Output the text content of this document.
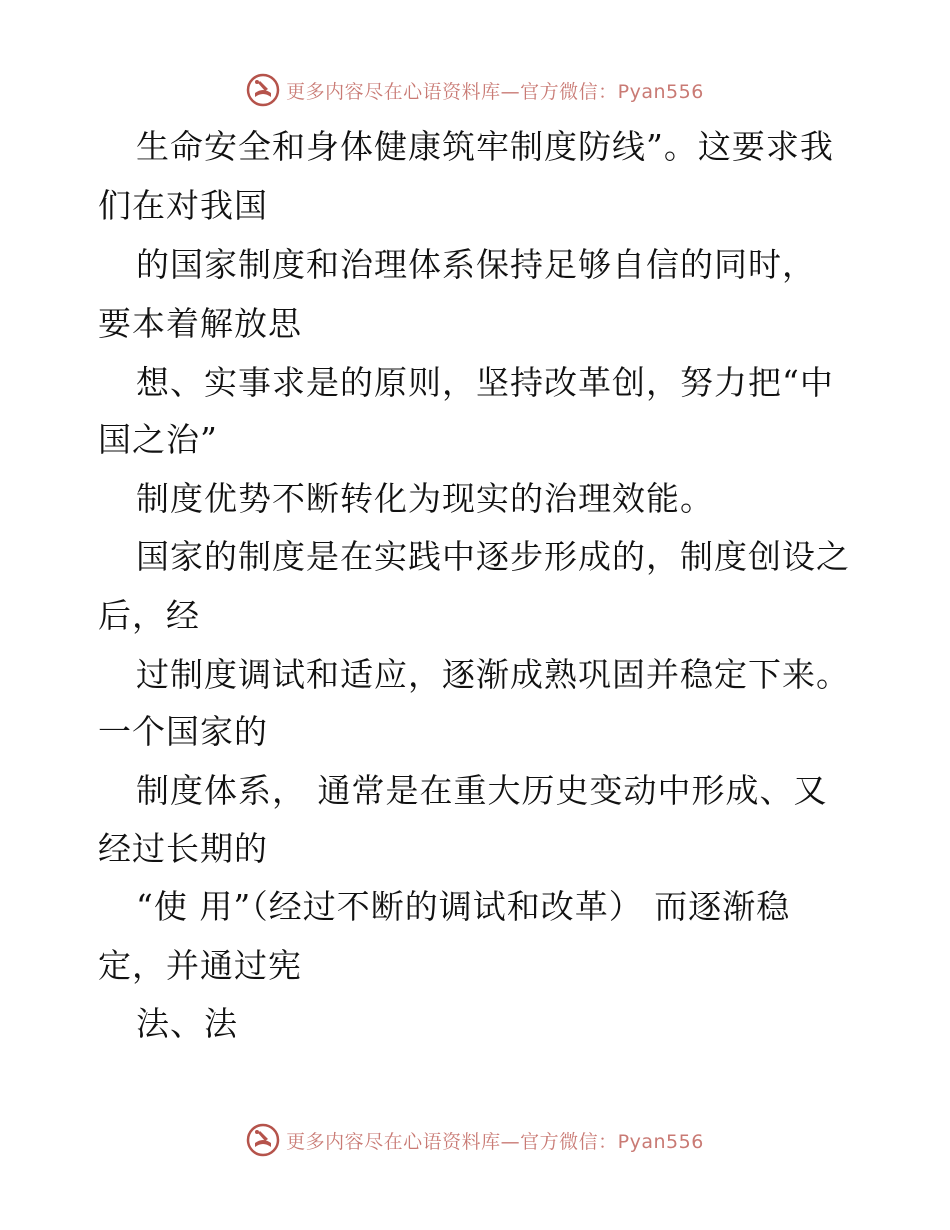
更多内容尽在心语资料库—官方微信：Pyan556
生命安全和身体健康筑牢制度防线”。这要求我
们在对我国
的国家制度和治理体系保持足够自信的同时，
要本着解放思
想、实事求是的原则，坚持改革创，努力把“中
国之治”
制度优势不断转化为现实的治理效能。
国家的制度是在实践中逐步形成的，制度创设之
后，经
过制度调试和适应，逐渐成熟巩固并稳定下来。
一个国家的
制度体系， 通常是在重大历史变动中形成、又
经过长期的
“使 用”（经过不断的调试和改革） 而逐渐稳
定，并通过宪
法、法
更多内容尽在心语资料库—官方微信：Pyan556
